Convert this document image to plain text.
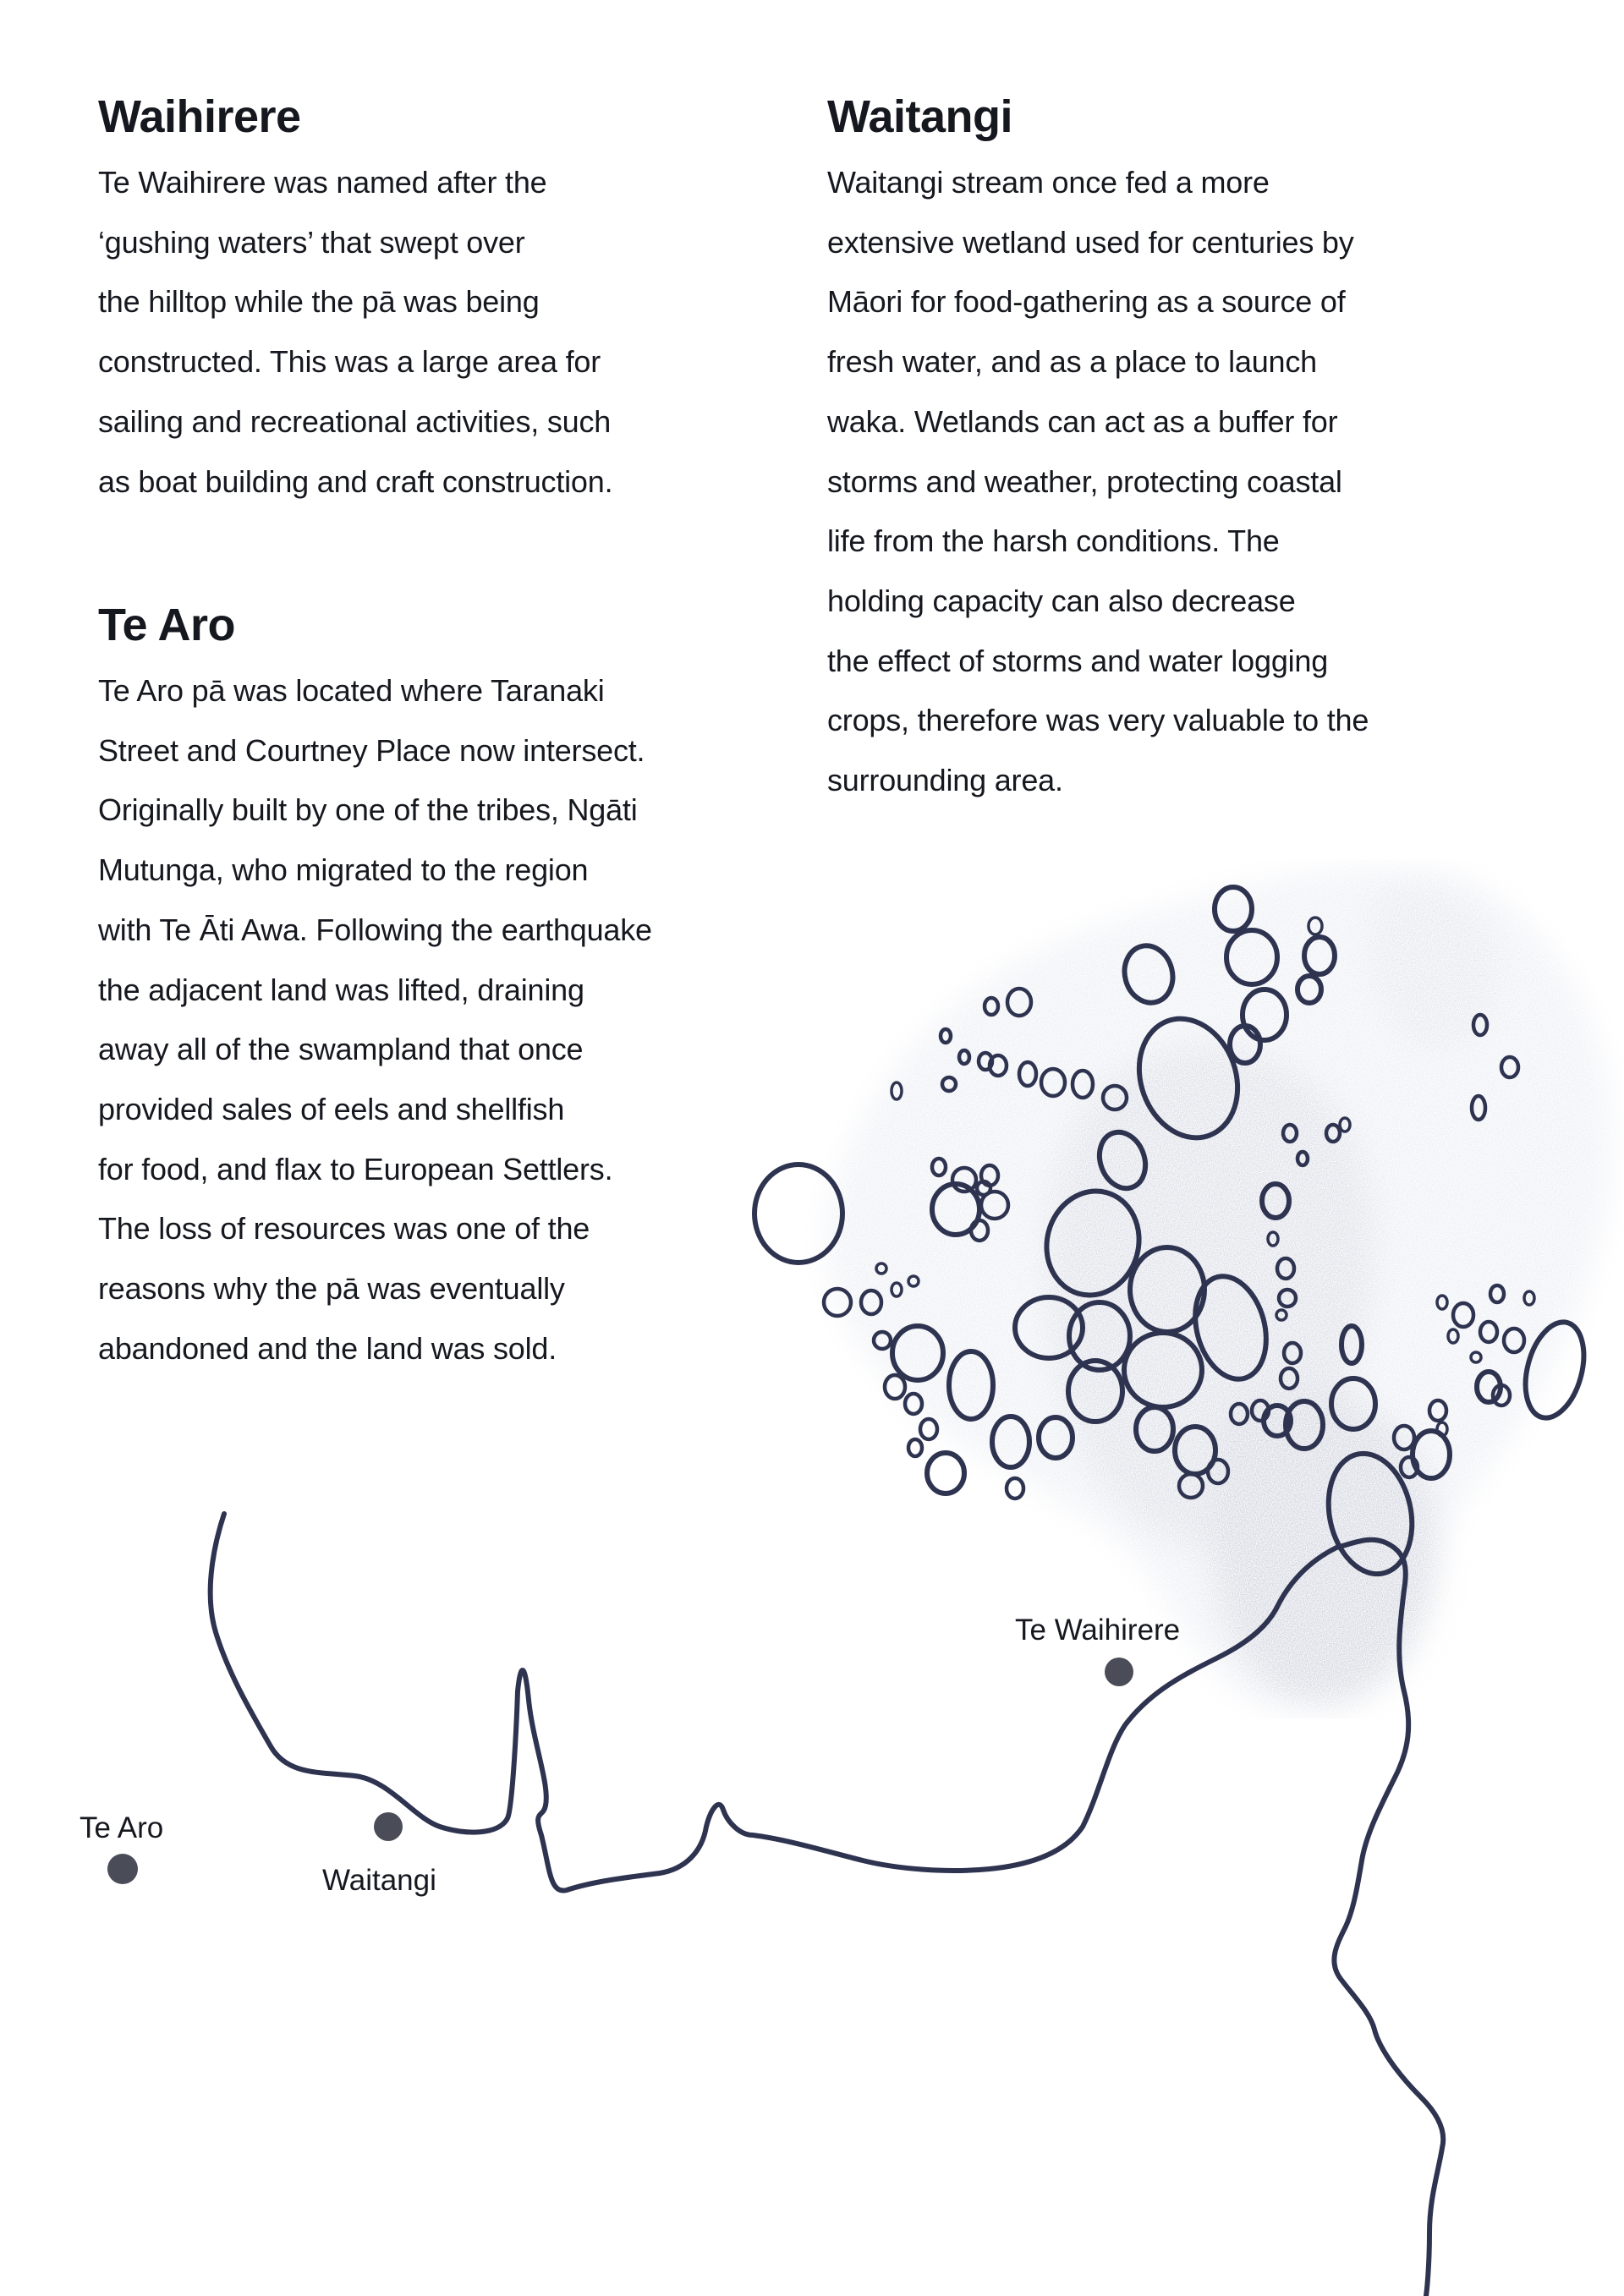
Waihirere
Te Waihirere was named after the
‘gushing waters’ that swept over
the hilltop while the pā was being
constructed. This was a large area for
sailing and recreational activities, such
as boat building and craft construction.
Te Aro
Te Aro pā was located where Taranaki
Street and Courtney Place now intersect.
Originally built by one of the tribes, Ngāti
Mutunga, who migrated to the region
with Te Āti Awa. Following the earthquake
the adjacent land was lifted, draining
away all of the swampland that once
provided sales of eels and shellfish
for food, and flax to European Settlers.
The loss of resources was one of the
reasons why the pā was eventually
abandoned and the land was sold.
Waitangi
Waitangi stream once fed a more
extensive wetland used for centuries by
Māori for food-gathering as a source of
fresh water, and as a place to launch
waka. Wetlands can act as a buffer for
storms and weather, protecting coastal
life from the harsh conditions. The
holding capacity can also decrease
the effect of storms and water logging
crops, therefore was very valuable to the
surrounding area.
Te Waihirere
Te Aro
Waitangi
